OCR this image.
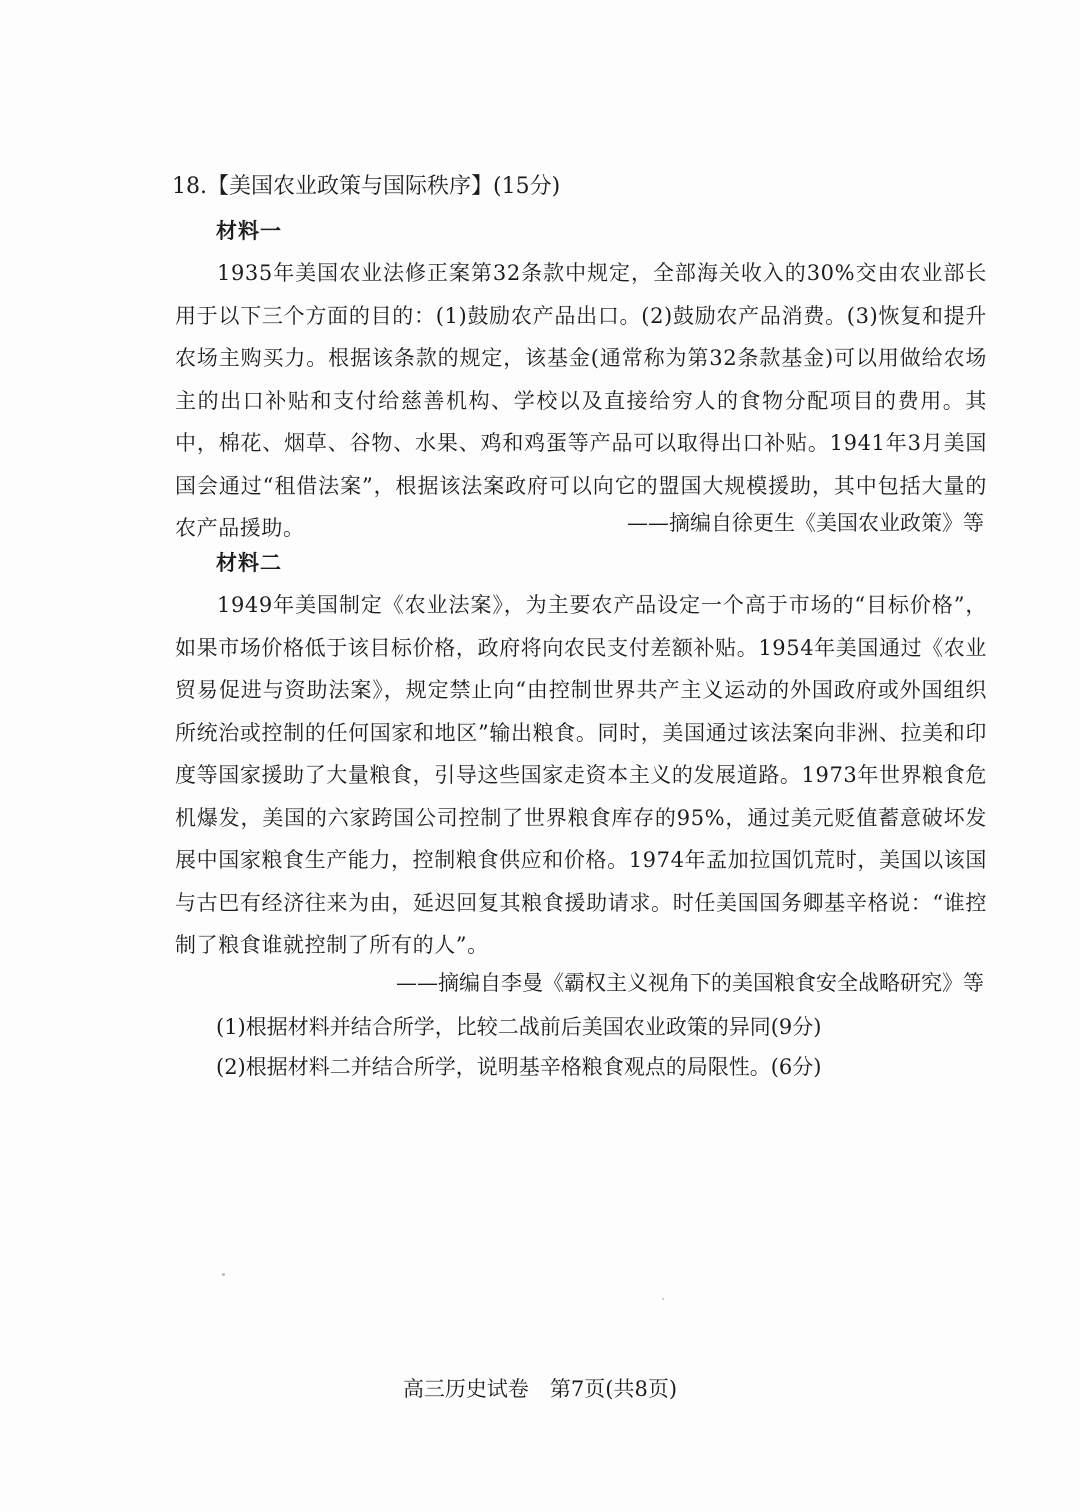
18.【美国农业政策与国际秩序】(15分)
材料一

1935年美国农业法修正案第32条款中规定，全部海关收入的30%交由农业部长用于以下三个方面的目的：(1)鼓励农产品出口。(2)鼓励农产品消费。(3)恢复和提升农场主购买力。根据该条款的规定，该基金(通常称为第32条款基金)可以用做给农场主的出口补贴和支付给慈善机构、学校以及直接给穷人的食物分配项目的费用。其中，棉花、烟草、谷物、水果、鸡和鸡蛋等产品可以取得出口补贴。1941年3月美国国会通过“租借法案”，根据该法案政府可以向它的盟国大规模援助，其中包括大量的农产品援助。	——摘编自徐更生《美国农业政策》等
材料二

1949年美国制定《农业法案》，为主要农产品设定一个高于市场的“目标价格”，如果市场价格低于该目标价格，政府将向农民支付差额补贴。1954年美国通过《农业贸易促进与资助法案》，规定禁止向“由控制世界共产主义运动的外国政府或外国组织所统治或控制的任何国家和地区”输出粮食。同时，美国通过该法案向非洲、拉美和印度等国家援助了大量粮食，引导这些国家走资本主义的发展道路。1973年世界粮食危机爆发，美国的六家跨国公司控制了世界粮食库存的95%，通过美元贬值蓄意破坏发展中国家粮食生产能力，控制粮食供应和价格。1974年孟加拉国饥荒时，美国以该国与古巴有经济往来为由，延迟回复其粮食援助请求。时任美国国务卿基辛格说：“谁控制了粮食谁就控制了所有的人”。

——摘编自李曼《霸权主义视角下的美国粮食安全战略研究》等
(1)根据材料并结合所学，比较二战前后美国农业政策的异同(9分)
(2)根据材料二并结合所学，说明基辛格粮食观点的局限性。(6分)
高三历史试卷　第7页(共8页)
